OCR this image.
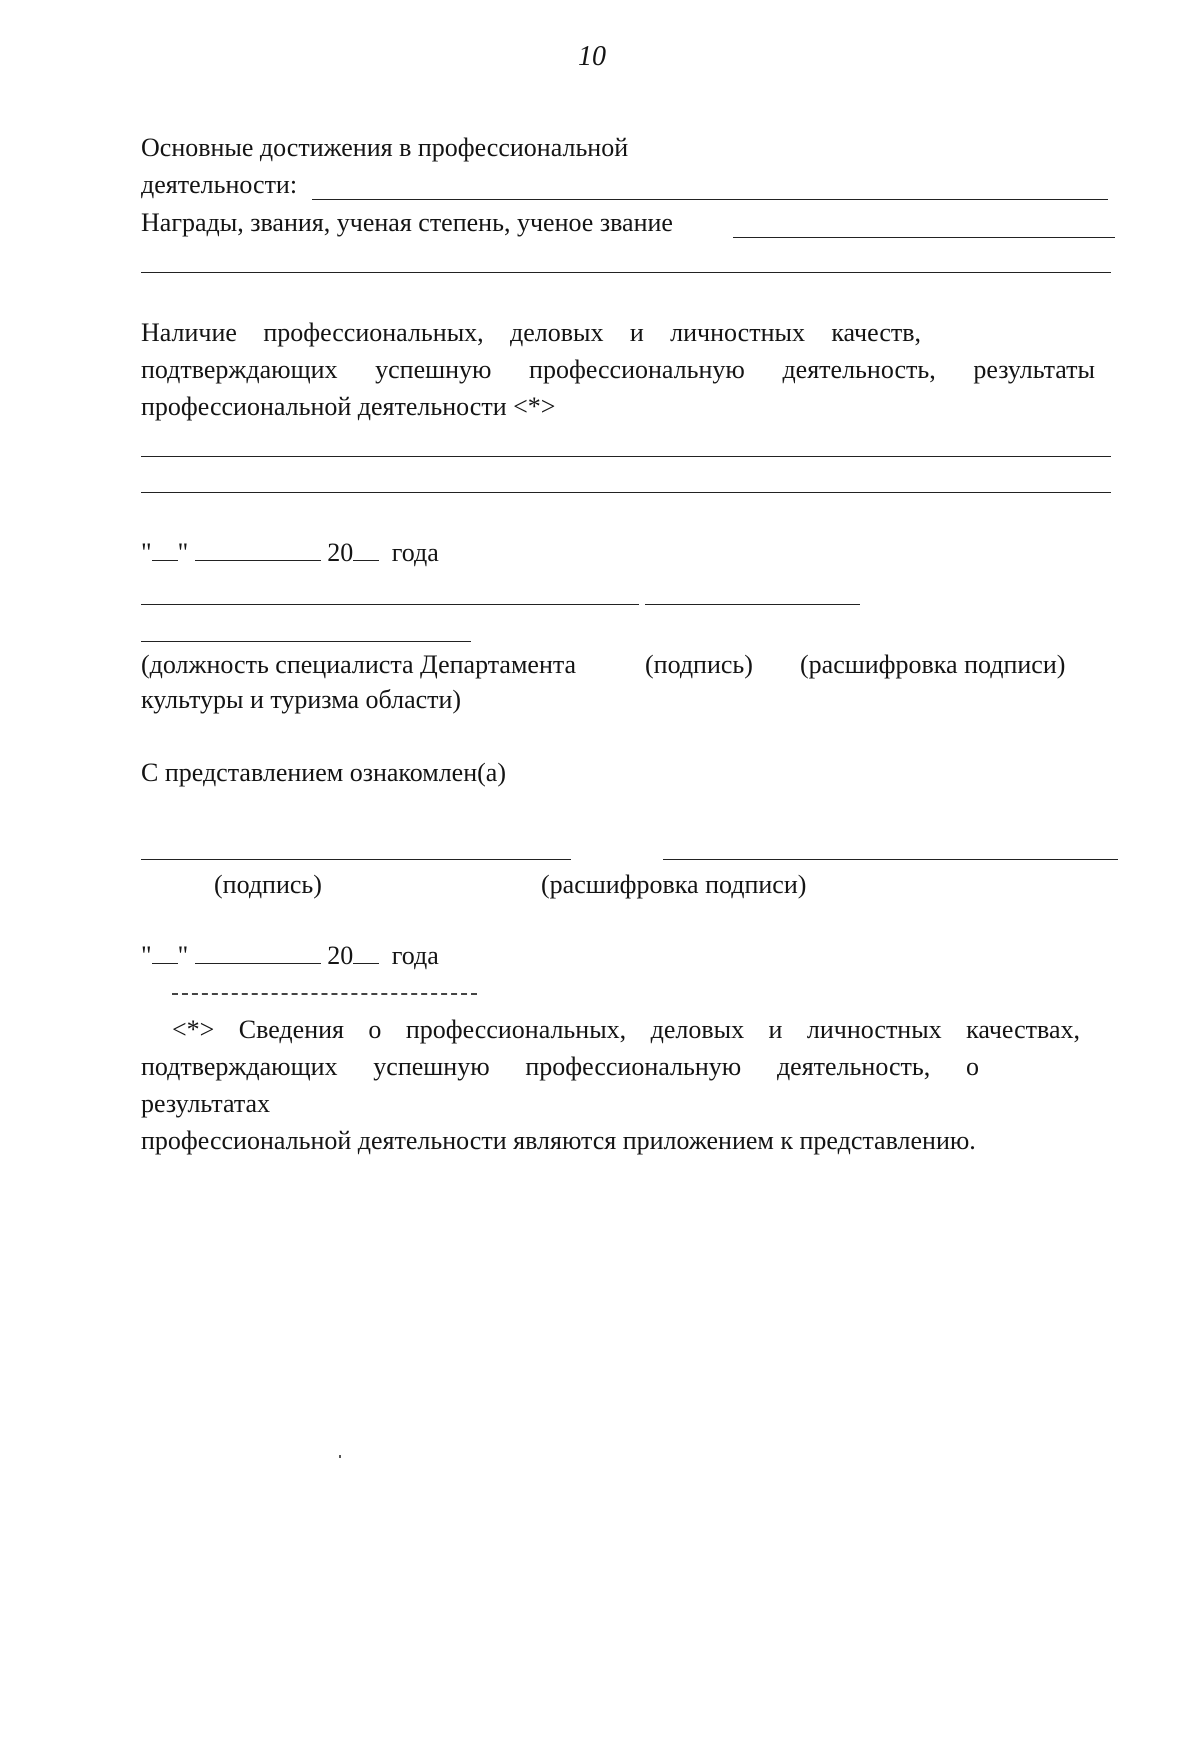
10
Основные достижения в профессиональной
деятельности:
Награды, звания, ученая степень, ученое звание
Наличие профессиональных, деловых и личностных качеств,
подтверждающих успешную профессиональную деятельность, результаты
профессиональной деятельности <*>
" "	20 года
(должность специалиста Департамента	(подпись) (расшифровка подписи)
культуры и туризма области)
С представлением ознакомлен(а)
(подпись)	(расшифровка подписи)
" "	20 года
<*> Сведения о профессиональных, деловых и личностных качествах,
подтверждающих успешную профессиональную деятельность, о
результатах
профессиональной деятельности являются приложением к представлению.
